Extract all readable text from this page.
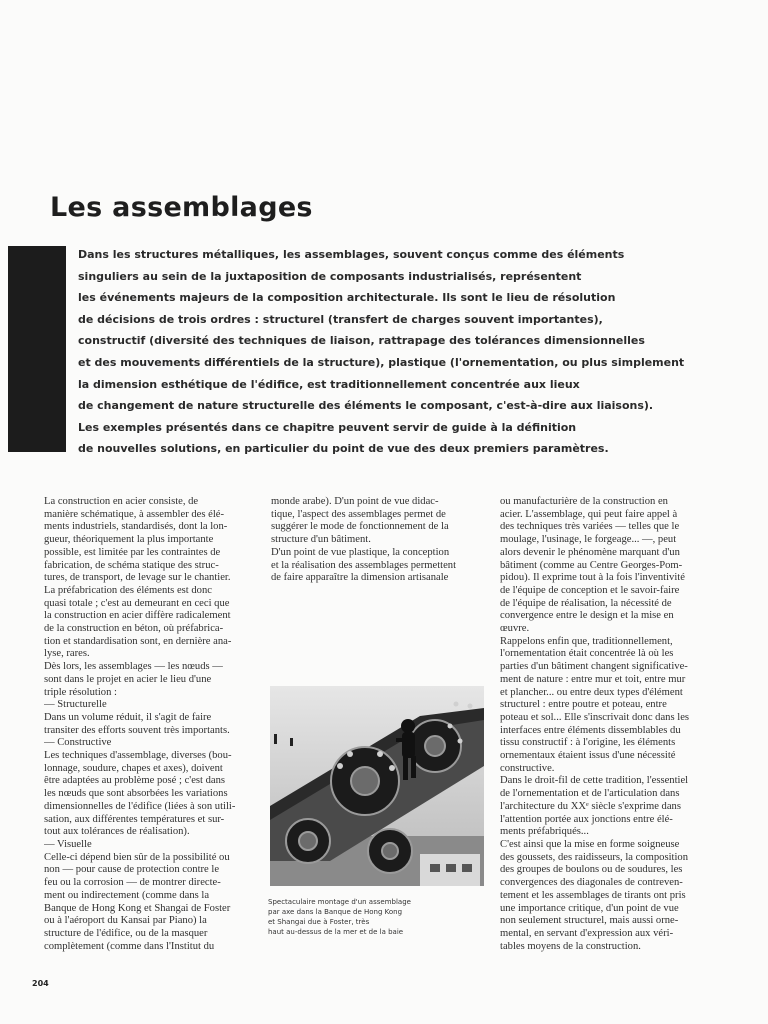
Les assemblages
Dans les structures métalliques, les assemblages, souvent conçus comme des éléments
singuliers au sein de la juxtaposition de composants industrialisés, représentent
les événements majeurs de la composition architecturale. Ils sont le lieu de résolution
de décisions de trois ordres : structurel (transfert de charges souvent importantes),
constructif (diversité des techniques de liaison, rattrapage des tolérances dimensionnelles
et des mouvements différentiels de la structure), plastique (l'ornementation, ou plus simplement
la dimension esthétique de l'édifice, est traditionnellement concentrée aux lieux
de changement de nature structurelle des éléments le composant, c'est-à-dire aux liaisons).
Les exemples présentés dans ce chapitre peuvent servir de guide à la définition
de nouvelles solutions, en particulier du point de vue des deux premiers paramètres.
La construction en acier consiste, de
manière schématique, à assembler des élé-
ments industriels, standardisés, dont la lon-
gueur, théoriquement la plus importante
possible, est limitée par les contraintes de
fabrication, de schéma statique des struc-
tures, de transport, de levage sur le chantier.
La préfabrication des éléments est donc
quasi totale ; c'est au demeurant en ceci que
la construction en acier diffère radicalement
de la construction en béton, où préfabrica-
tion et standardisation sont, en dernière ana-
lyse, rares.
Dès lors, les assemblages — les nœuds —
sont dans le projet en acier le lieu d'une
triple résolution :
— Structurelle
Dans un volume réduit, il s'agit de faire
transiter des efforts souvent très importants.
— Constructive
Les techniques d'assemblage, diverses (bou-
lonnage, soudure, chapes et axes), doivent
être adaptées au problème posé ; c'est dans
les nœuds que sont absorbées les variations
dimensionnelles de l'édifice (liées à son utili-
sation, aux différentes températures et sur-
tout aux tolérances de réalisation).
— Visuelle
Celle-ci dépend bien sûr de la possibilité ou
non — pour cause de protection contre le
feu ou la corrosion — de montrer directe-
ment ou indirectement (comme dans la
Banque de Hong Kong et Shangai de Foster
ou à l'aéroport du Kansai par Piano) la
structure de l'édifice, ou de la masquer
complètement (comme dans l'Institut du
monde arabe). D'un point de vue didac-
tique, l'aspect des assemblages permet de
suggérer le mode de fonctionnement de la
structure d'un bâtiment.
D'un point de vue plastique, la conception
et la réalisation des assemblages permettent
de faire apparaître la dimension artisanale
Spectaculaire montage d'un assemblage
par axe dans la Banque de Hong Kong
et Shangai due à Foster, très
haut au-dessus de la mer et de la baie
ou manufacturière de la construction en
acier. L'assemblage, qui peut faire appel à
des techniques très variées — telles que le
moulage, l'usinage, le forgeage... —, peut
alors devenir le phénomène marquant d'un
bâtiment (comme au Centre Georges-Pom-
pidou). Il exprime tout à la fois l'inventivité
de l'équipe de conception et le savoir-faire
de l'équipe de réalisation, la nécessité de
convergence entre le design et la mise en
œuvre.
Rappelons enfin que, traditionnellement,
l'ornementation était concentrée là où les
parties d'un bâtiment changent significative-
ment de nature : entre mur et toit, entre mur
et plancher... ou entre deux types d'élément
structurel : entre poutre et poteau, entre
poteau et sol... Elle s'inscrivait donc dans les
interfaces entre éléments dissemblables du
tissu constructif : à l'origine, les éléments
ornementaux étaient issus d'une nécessité
constructive.
Dans le droit-fil de cette tradition, l'essentiel
de l'ornementation et de l'articulation dans
l'architecture du XXᵉ siècle s'exprime dans
l'attention portée aux jonctions entre élé-
ments préfabriqués...
C'est ainsi que la mise en forme soigneuse
des goussets, des raidisseurs, la composition
des groupes de boulons ou de soudures, les
convergences des diagonales de contreven-
tement et les assemblages de tirants ont pris
une importance critique, d'un point de vue
non seulement structurel, mais aussi orne-
mental, en servant d'expression aux véri-
tables moyens de la construction.
204
